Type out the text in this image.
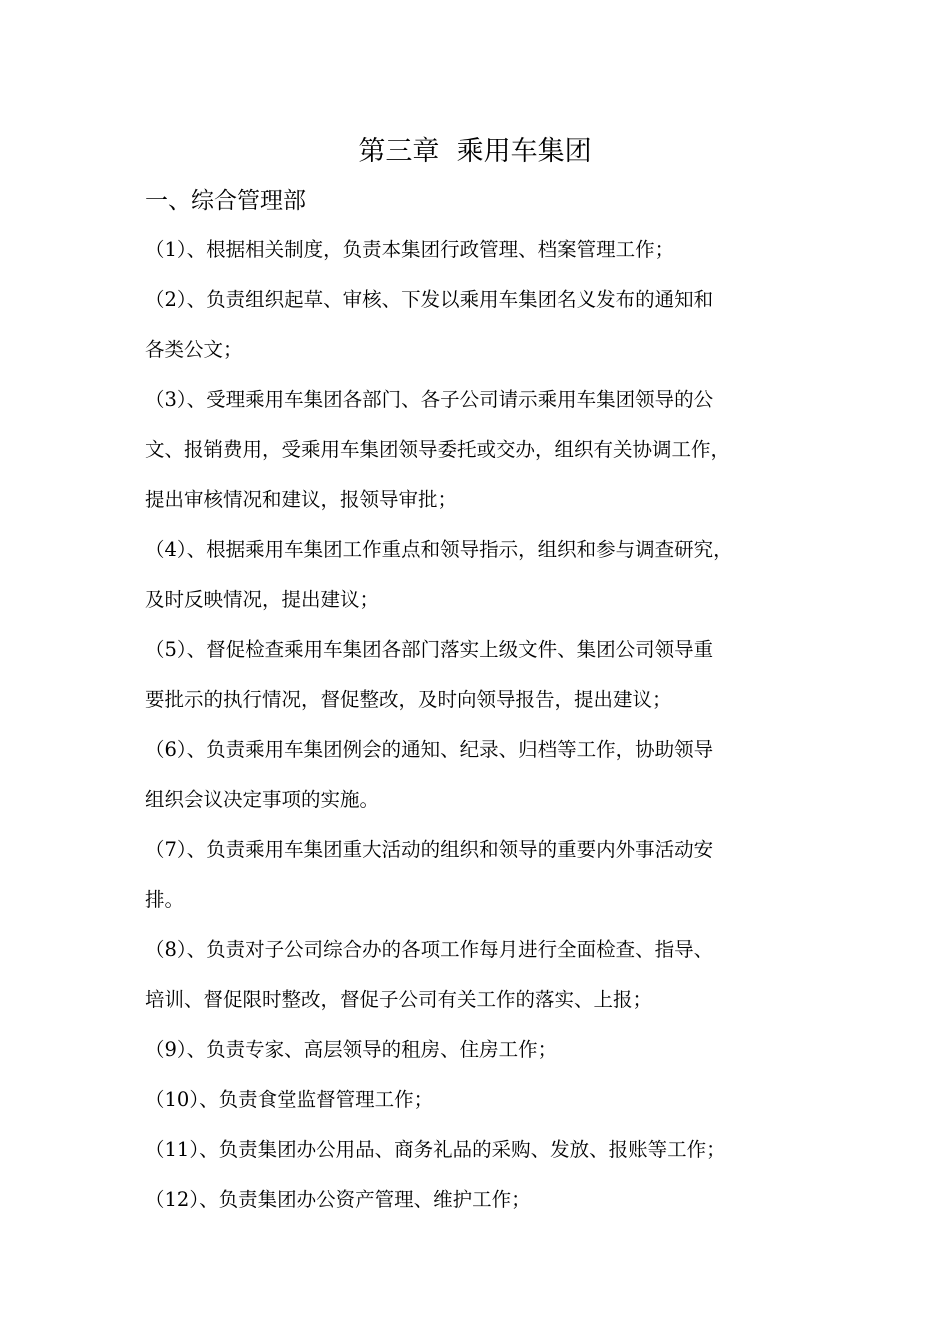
第三章  乘用车集团
一、综合管理部
（1）、根据相关制度，负责本集团行政管理、档案管理工作；
（2）、负责组织起草、审核、下发以乘用车集团名义发布的通知和
各类公文；
（3）、受理乘用车集团各部门、各子公司请示乘用车集团领导的公
文、报销费用，受乘用车集团领导委托或交办，组织有关协调工作，
提出审核情况和建议，报领导审批；
（4）、根据乘用车集团工作重点和领导指示，组织和参与调查研究，
及时反映情况，提出建议；
（5）、督促检查乘用车集团各部门落实上级文件、集团公司领导重
要批示的执行情况，督促整改，及时向领导报告，提出建议；
（6）、负责乘用车集团例会的通知、纪录、归档等工作，协助领导
组织会议决定事项的实施。
（7）、负责乘用车集团重大活动的组织和领导的重要内外事活动安
排。
（8）、负责对子公司综合办的各项工作每月进行全面检查、指导、
培训、督促限时整改，督促子公司有关工作的落实、上报；
（9）、负责专家、高层领导的租房、住房工作；
（10）、负责食堂监督管理工作；
（11）、负责集团办公用品、商务礼品的采购、发放、报账等工作；
（12）、负责集团办公资产管理、维护工作；
